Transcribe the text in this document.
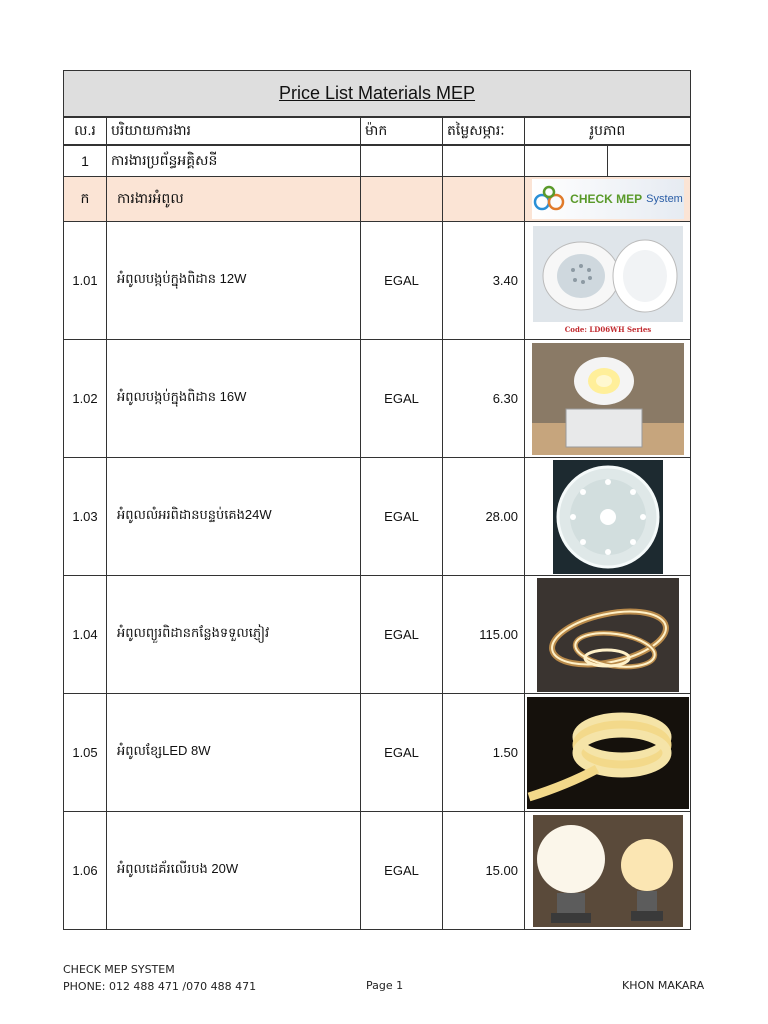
Price List Materials MEP				
ល.រ	បរិយាយការងារ	ម៉ាក	តម្លៃសម្ភារៈ	រូបភាព
1	ការងារប្រព័ន្ធអគ្គិសនី			

ក	ការងារអំពូល			CHECK MEP System

1.01	អំពូលបង្កប់ក្នុងពិដាន 12W	EGAL	3.40	Code: LD06WH Series

1.02	អំពូលបង្កប់ក្នុងពិដាន 16W	EGAL	6.30	

1.03	អំពូលលំអរពិដានបន្ទប់គេង24W	EGAL	28.00	

1.04	អំពូលព្យួរពិដានកន្លែងទទួលភ្ញៀវ	EGAL	115.00	

1.05	អំពូលខ្សែLED 8W	EGAL	1.50	

1.06	អំពូលដេគ័រលើរបង 20W	EGAL	15.00	
CHECK MEP SYSTEM
PHONE: 012 488 471 /070 488 471	Page 1	KHON MAKARA
